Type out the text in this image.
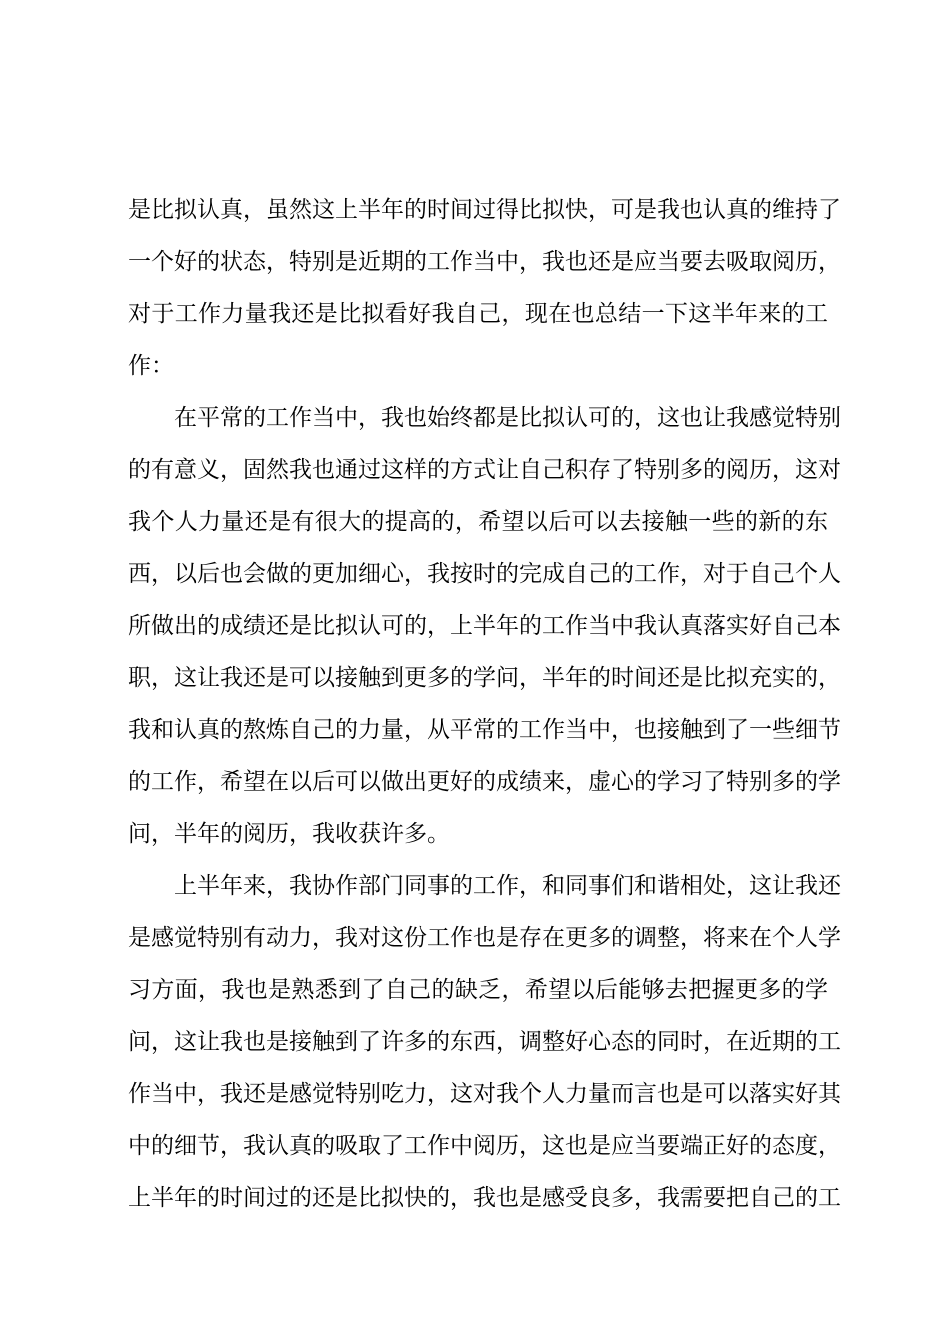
是比拟认真，虽然这上半年的时间过得比拟快，可是我也认真的维持了
一个好的状态，特别是近期的工作当中，我也还是应当要去吸取阅历，
对于工作力量我还是比拟看好我自己，现在也总结一下这半年来的工
作：
在平常的工作当中，我也始终都是比拟认可的，这也让我感觉特别
的有意义，固然我也通过这样的方式让自己积存了特别多的阅历，这对
我个人力量还是有很大的提高的，希望以后可以去接触一些的新的东
西，以后也会做的更加细心，我按时的完成自己的工作，对于自己个人
所做出的成绩还是比拟认可的，上半年的工作当中我认真落实好自己本
职，这让我还是可以接触到更多的学问，半年的时间还是比拟充实的，
我和认真的熬炼自己的力量，从平常的工作当中，也接触到了一些细节
的工作，希望在以后可以做出更好的成绩来，虚心的学习了特别多的学
问，半年的阅历，我收获许多。
上半年来，我协作部门同事的工作，和同事们和谐相处，这让我还
是感觉特别有动力，我对这份工作也是存在更多的调整，将来在个人学
习方面，我也是熟悉到了自己的缺乏，希望以后能够去把握更多的学
问，这让我也是接触到了许多的东西，调整好心态的同时，在近期的工
作当中，我还是感觉特别吃力，这对我个人力量而言也是可以落实好其
中的细节，我认真的吸取了工作中阅历，这也是应当要端正好的态度，
上半年的时间过的还是比拟快的，我也是感受良多，我需要把自己的工
